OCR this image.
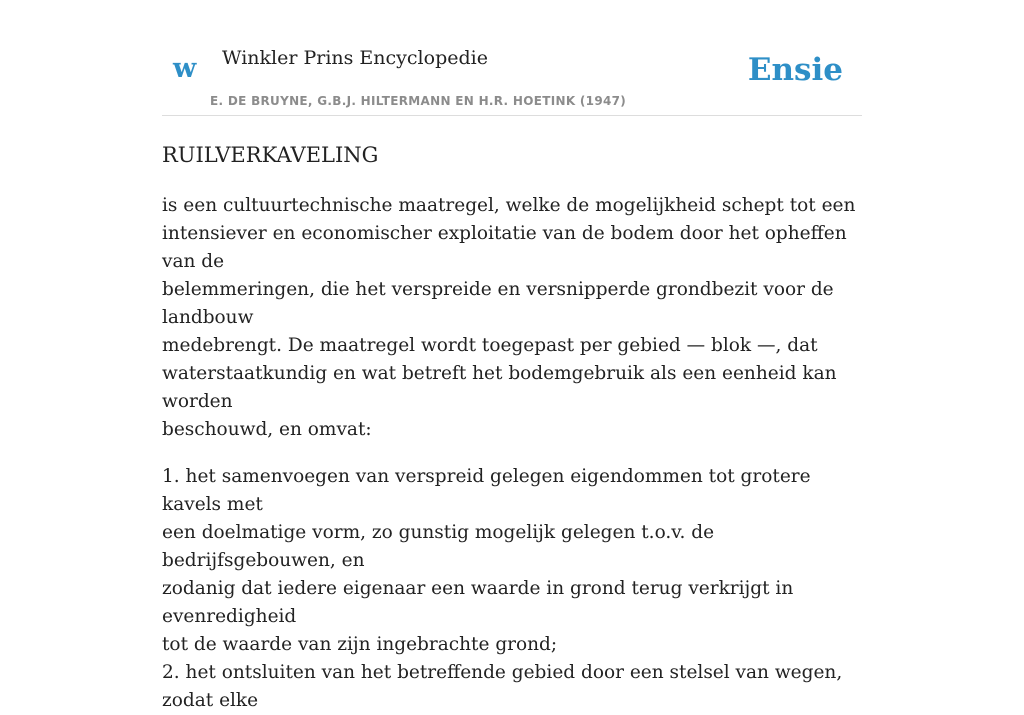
w Winkler Prins Encyclopedie
E. DE BRUYNE, G.B.J. HILTERMANN EN H.R. HOETINK (1947)
Ensie
RUILVERKAVELING

is een cultuurtechnische maatregel, welke de mogelijkheid schept tot een
intensiever en economischer exploitatie van de bodem door het opheffen van de
belemmeringen, die het verspreide en versnipperde grondbezit voor de landbouw
medebrengt. De maatregel wordt toegepast per gebied — blok —, dat
waterstaatkundig en wat betreft het bodemgebruik als een eenheid kan worden
beschouwd, en omvat:

1. het samenvoegen van verspreid gelegen eigendommen tot grotere kavels met
een doelmatige vorm, zo gunstig mogelijk gelegen t.o.v. de bedrijfsgebouwen, en
zodanig dat iedere eigenaar een waarde in grond terug verkrijgt in evenredigheid
tot de waarde van zijn ingebrachte grond;
2. het ontsluiten van het betreffende gebied door een stelsel van wegen, zodat elke
